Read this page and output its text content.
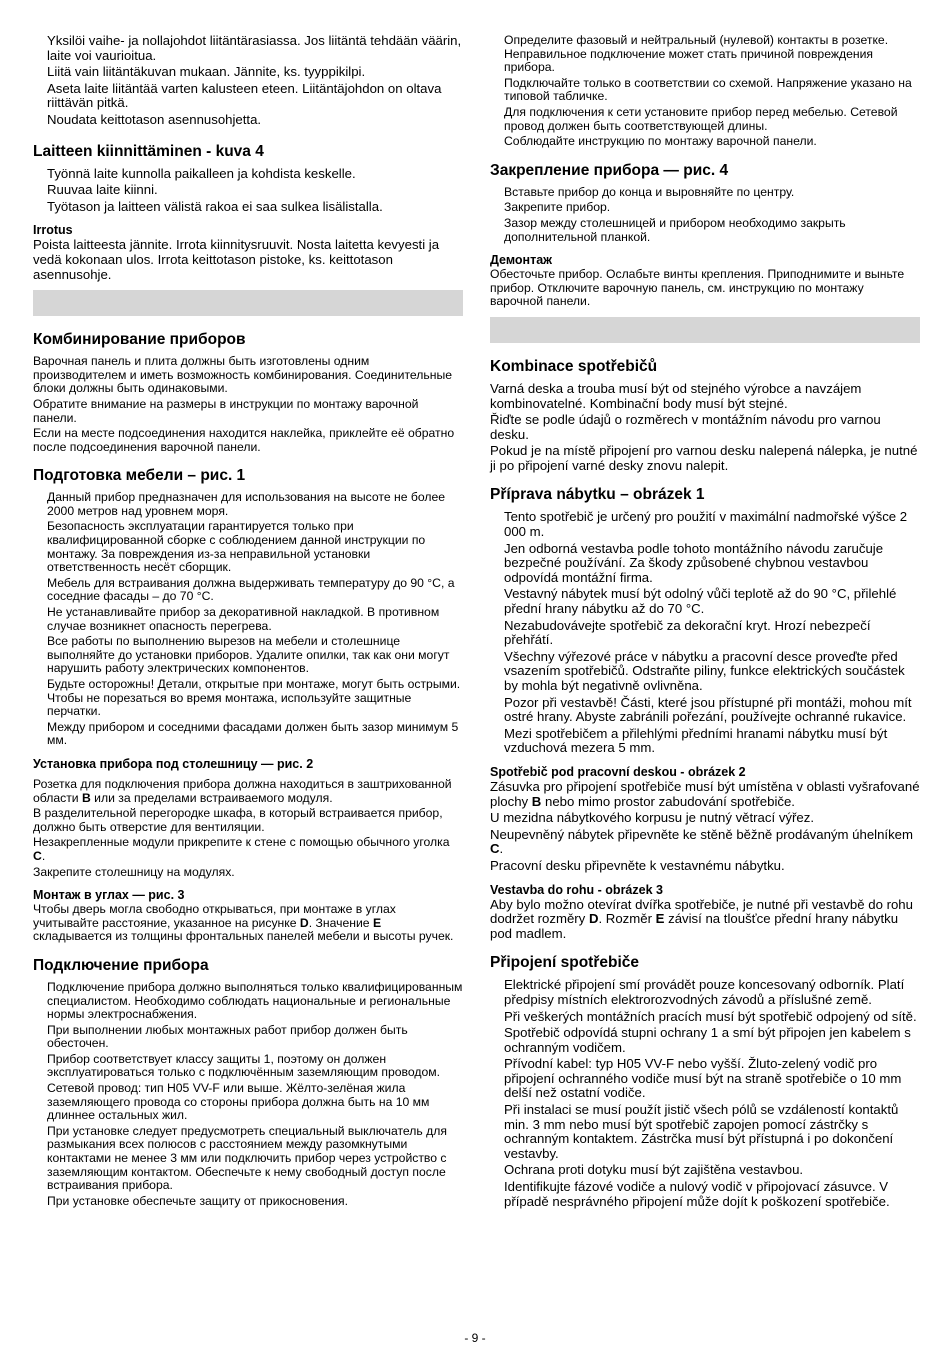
Yksilöi vaihe- ja nollajohdot liitäntärasiassa. Jos liitäntä tehdään väärin, laite voi vaurioitua.

Liitä vain liitäntäkuvan mukaan. Jännite, ks. tyyppikilpi.

Aseta laite liitäntää varten kalusteen eteen. Liitäntäjohdon on oltava riittävän pitkä.

Noudata keittotason asennusohjetta.

Laitteen kiinnittäminen - kuva 4

Työnnä laite kunnolla paikalleen ja kohdista keskelle.

Ruuvaa laite kiinni.

Työtason ja laitteen välistä rakoa ei saa sulkea lisälistalla.

Irrotus

Poista laitteesta jännite. Irrota kiinnitysruuvit. Nosta laitetta kevyesti ja vedä kokonaan ulos. Irrota keittotason pistoke, ks. keittotason asennusohje.

Комбинирование приборов

Варочная панель и плита должны быть изготовлены одним производителем и иметь возможность комбинирования. Соединительные блоки должны быть одинаковыми.

Обратите внимание на размеры в инструкции по монтажу варочной панели.

Если на месте подсоединения находится наклейка, приклейте её обратно после подсоединения варочной панели.

Подготовка мебели – рис. 1

Данный прибор предназначен для использования на высоте не более 2000 метров над уровнем моря.

Безопасность эксплуатации гарантируется только при квалифицированной сборке с соблюдением данной инструкции по монтажу. За повреждения из-за неправильной установки ответственность несёт сборщик.

Мебель для встраивания должна выдерживать температуру до 90 °C, а соседние фасады – до 70 °C.

Не устанавливайте прибор за декоративной накладкой. В противном случае возникнет опасность перегрева.

Все работы по выполнению вырезов на мебели и столешнице выполняйте до установки приборов. Удалите опилки, так как они могут нарушить работу электрических компонентов.

Будьте осторожны! Детали, открытые при монтаже, могут быть острыми. Чтобы не порезаться во время монтажа, используйте защитные перчатки.

Между прибором и соседними фасадами должен быть зазор минимум 5 мм.

Установка прибора под столешницу — рис. 2

Розетка для подключения прибора должна находиться в заштрихованной области B или за пределами встраиваемого модуля.

В разделительной перегородке шкафа, в который встраивается прибор, должно быть отверстие для вентиляции.

Незакрепленные модули прикрепите к стене с помощью обычного уголка C.

Закрепите столешницу на модулях.

Монтаж в углах — рис. 3

Чтобы дверь могла свободно открываться, при монтаже в углах учитывайте расстояние, указанное на рисунке D. Значение E складывается из толщины фронтальных панелей мебели и высоты ручек.

Подключение прибора

Подключение прибора должно выполняться только квалифицированным специалистом. Необходимо соблюдать национальные и региональные нормы электроснабжения.

При выполнении любых монтажных работ прибор должен быть обесточен.

Прибор соответствует классу защиты 1, поэтому он должен эксплуатироваться только с подключённым заземляющим проводом.

Сетевой провод: тип H05 VV-F или выше. Жёлто-зелёная жила заземляющего провода со стороны прибора должна быть на 10 мм длиннее остальных жил.

При установке следует предусмотреть специальный выключатель для размыкания всех полюсов с расстоянием между разомкнутыми контактами не менее 3 мм или подключить прибор через устройство с заземляющим контактом. Обеспечьте к нему свободный доступ после встраивания прибора.

При установке обеспечьте защиту от прикосновения.

Определите фазовый и нейтральный (нулевой) контакты в розетке. Неправильное подключение может стать причиной повреждения прибора.

Подключайте только в соответствии со схемой. Напряжение указано на типовой табличке.

Для подключения к сети установите прибор перед мебелью. Сетевой провод должен быть соответствующей длины.

Соблюдайте инструкцию по монтажу варочной панели.

Закрепление прибора — рис. 4

Вставьте прибор до конца и выровняйте по центру.

Закрепите прибор.

Зазор между столешницей и прибором необходимо закрыть дополнительной планкой.

Демонтаж

Обесточьте прибор. Ослабьте винты крепления. Приподнимите и выньте прибор. Отключите варочную панель, см. инструкцию по монтажу варочной панели.

Kombinace spotřebičů

Varná deska a trouba musí být od stejného výrobce a navzájem kombinovatelné. Kombinační body musí být stejné.

Řiďte se podle údajů o rozměrech v montážním návodu pro varnou desku.

Pokud je na místě připojení pro varnou desku nalepená nálepka, je nutné ji po připojení varné desky znovu nalepit.

Příprava nábytku – obrázek 1

Tento spotřebič je určený pro použití v maximální nadmořské výšce 2 000 m.

Jen odborná vestavba podle tohoto montážního návodu zaručuje bezpečné používání. Za škody způsobené chybnou vestavbou odpovídá montážní firma.

Vestavný nábytek musí být odolný vůči teplotě až do 90 °C, přilehlé přední hrany nábytku až do 70 °C.

Nezabudovávejte spotřebič za dekorační kryt. Hrozí nebezpečí přehřátí.

Všechny výřezové práce v nábytku a pracovní desce proveďte před vsazením spotřebičů. Odstraňte piliny, funkce elektrických součástek by mohla být negativně ovlivněna.

Pozor při vestavbě! Části, které jsou přístupné při montáži, mohou mít ostré hrany. Abyste zabránili pořezání, používejte ochranné rukavice.

Mezi spotřebičem a přilehlými předními hranami nábytku musí být vzduchová mezera 5 mm.

Spotřebič pod pracovní deskou - obrázek 2

Zásuvka pro připojení spotřebiče musí být umístěna v oblasti vyšrafované plochy B nebo mimo prostor zabudování spotřebiče.

U mezidna nábytkového korpusu je nutný větrací výřez.

Neupevněný nábytek připevněte ke stěně běžně prodávaným úhelníkem C.

Pracovní desku připevněte k vestavnému nábytku.

Vestavba do rohu - obrázek 3

Aby bylo možno otevírat dvířka spotřebiče, je nutné při vestavbě do rohu dodržet rozměry D. Rozměr E závisí na tloušťce přední hrany nábytku pod madlem.

Připojení spotřebiče

Elektrické připojení smí provádět pouze koncesovaný odborník. Platí předpisy místních elektrorozvodných závodů a příslušné země.

Při veškerých montážních pracích musí být spotřebič odpojený od sítě.

Spotřebič odpovídá stupni ochrany 1 a smí být připojen jen kabelem s ochranným vodičem.

Přívodní kabel: typ H05 VV-F nebo vyšší. Žluto-zelený vodič pro připojení ochranného vodiče musí být na straně spotřebiče o 10 mm delší než ostatní vodiče.

Při instalaci se musí použít jistič všech pólů se vzdáleností kontaktů min. 3 mm nebo musí být spotřebič zapojen pomocí zástrčky s ochranným kontaktem. Zástrčka musí být přístupná i po dokončení vestavby.

Ochrana proti dotyku musí být zajištěna vestavbou.

Identifikujte fázové vodiče a nulový vodič v připojovací zásuvce. V případě nesprávného připojení může dojít k poškození spotřebiče.

- 9 -
